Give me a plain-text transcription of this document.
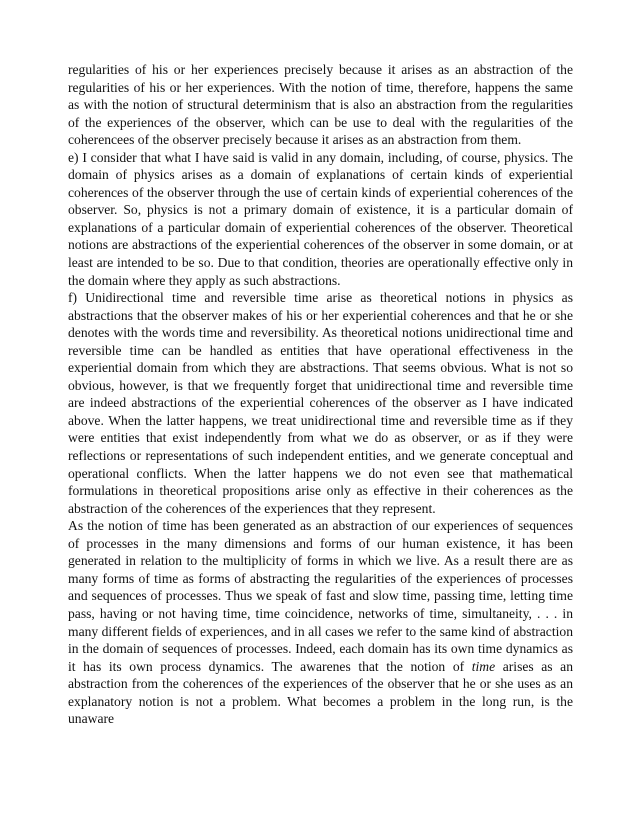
regularities of his or her experiences precisely because it arises as an abstraction of the regularities of his or her experiences. With the notion of time, therefore, happens the same as with the notion of structural determinism that is also an abstraction from the regularities of the experiences of the observer, which can be use to deal with the regularities of the coherencees of the observer precisely because it arises as an abstraction from them.

e) I consider that what I have said is valid in any domain, including, of course, physics. The domain of physics arises as a domain of explanations of certain kinds of experiential coherences of the observer through the use of certain kinds of experiential coherences of the observer. So, physics is not a primary domain of existence, it is a particular domain of explanations of a particular domain of experiential coherences of the observer. Theoretical notions are abstractions of the experiential coherences of the observer in some domain, or at least are intended to be so. Due to that condition, theories are operationally effective only in the domain where they apply as such abstractions.

f) Unidirectional time and reversible time arise as theoretical notions in physics as abstractions that the observer makes of his or her experiential coherences and that he or she denotes with the words time and reversibility. As theoretical notions unidirectional time and reversible time can be handled as entities that have operational effectiveness in the experiential domain from which they are abstractions. That seems obvious. What is not so obvious, however, is that we frequently forget that unidirectional time and reversible time are indeed abstractions of the experiential coherences of the observer as I have indicated above. When the latter happens, we treat unidirectional time and reversible time as if they were entities that exist independently from what we do as observer, or as if they were reflections or representations of such independent entities, and we generate conceptual and operational conflicts. When the latter happens we do not even see that mathematical formulations in theoretical propositions arise only as effective in their coherences as the abstraction of the coherences of the experiences that they represent.

As the notion of time has been generated as an abstraction of our experiences of sequences of processes in the many dimensions and forms of our human existence, it has been generated in relation to the multiplicity of forms in which we live. As a result there are as many forms of time as forms of abstracting the regularities of the experiences of processes and sequences of processes. Thus we speak of fast and slow time, passing time, letting time pass, having or not having time, time coincidence, networks of time, simultaneity, . . . in many different fields of experiences, and in all cases we refer to the same kind of abstraction in the domain of sequences of processes. Indeed, each domain has its own time dynamics as it has its own process dynamics. The awarenes that the notion of time arises as an abstraction from the coherences of the experiences of the observer that he or she uses as an explanatory notion is not a problem. What becomes a problem in the long run, is the unaware
